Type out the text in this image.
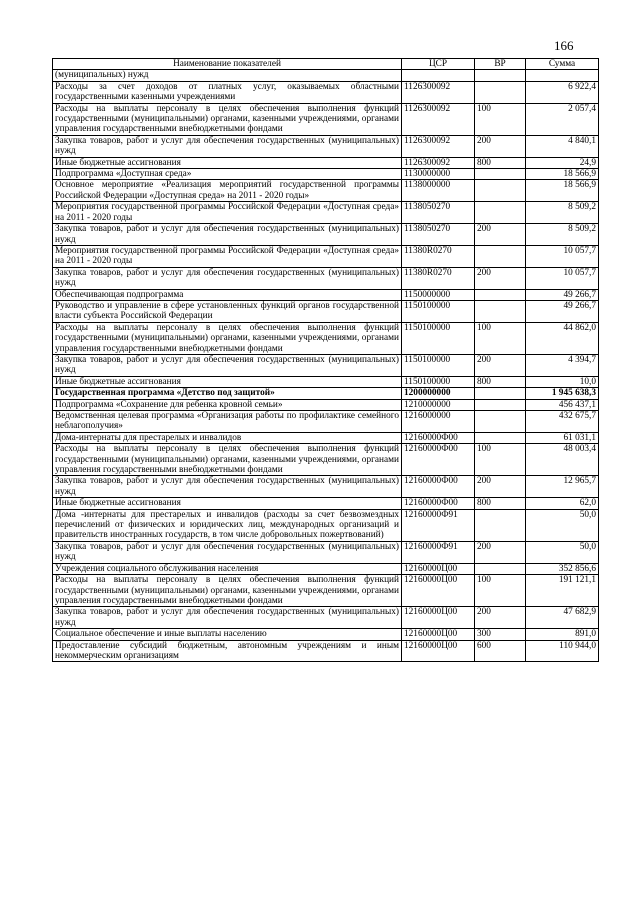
166
Наименование показателей	ЦСР	ВР	Сумма
(муниципальных) нужд			
Расходы за счет доходов от платных услуг, оказываемых областными государственными казенными учреждениями	1126300092		6 922,4
Расходы на выплаты персоналу в целях обеспечения выполнения функций государственными (муниципальными) органами, казенными учреждениями, органами управления государственными внебюджетными фондами	1126300092	100	2 057,4
Закупка товаров, работ и услуг для обеспечения государственных (муниципальных) нужд	1126300092	200	4 840,1
Иные бюджетные ассигнования	1126300092	800	24,9
Подпрограмма «Доступная среда»	1130000000		18 566,9
Основное мероприятие «Реализация мероприятий государственной программы Российской Федерации «Доступная среда» на 2011 - 2020 годы»	1138000000		18 566,9
Мероприятия государственной программы Российской Федерации «Доступная среда» на 2011 - 2020 годы	1138050270		8 509,2
Закупка товаров, работ и услуг для обеспечения государственных (муниципальных) нужд	1138050270	200	8 509,2
Мероприятия государственной программы Российской Федерации «Доступная среда» на 2011 - 2020 годы	11380R0270		10 057,7
Закупка товаров, работ и услуг для обеспечения государственных (муниципальных) нужд	11380R0270	200	10 057,7
Обеспечивающая подпрограмма	1150000000		49 266,7
Руководство и управление в сфере установленных функций органов государственной власти субъекта Российской Федерации	1150100000		49 266,7
Расходы на выплаты персоналу в целях обеспечения выполнения функций государственными (муниципальными) органами, казенными учреждениями, органами управления государственными внебюджетными фондами	1150100000	100	44 862,0
Закупка товаров, работ и услуг для обеспечения государственных (муниципальных) нужд	1150100000	200	4 394,7
Иные бюджетные ассигнования	1150100000	800	10,0
Государственная программа «Детство под защитой»	1200000000		1 945 638,3
Подпрограмма «Сохранение для ребенка кровной семьи»	1210000000		456 437,1
Ведомственная целевая программа «Организация работы по профилактике семейного неблагополучия»	1216000000		432 675,7
Дома-интернаты для престарелых и инвалидов	12160000Ф00		61 031,1
Расходы на выплаты персоналу в целях обеспечения выполнения функций государственными (муниципальными) органами, казенными учреждениями, органами управления государственными внебюджетными фондами	12160000Ф00	100	48 003,4
Закупка товаров, работ и услуг для обеспечения государственных (муниципальных) нужд	12160000Ф00	200	12 965,7
Иные бюджетные ассигнования	12160000Ф00	800	62,0
Дома -интернаты для престарелых и инвалидов (расходы за счет безвозмездных перечислений от физических и юридических лиц, международных организаций и правительств иностранных государств, в том числе добровольных пожертвований)	12160000Ф91		50,0
Закупка товаров, работ и услуг для обеспечения государственных (муниципальных) нужд	12160000Ф91	200	50,0
Учреждения социального обслуживания населения	12160000Ц00		352 856,6
Расходы на выплаты персоналу в целях обеспечения выполнения функций государственными (муниципальными) органами, казенными учреждениями, органами управления государственными внебюджетными фондами	12160000Ц00	100	191 121,1
Закупка товаров, работ и услуг для обеспечения государственных (муниципальных) нужд	12160000Ц00	200	47 682,9
Социальное обеспечение и иные выплаты населению	12160000Ц00	300	891,0
Предоставление субсидий бюджетным, автономным учреждениям и иным некоммерческим организациям	12160000Ц00	600	110 944,0
